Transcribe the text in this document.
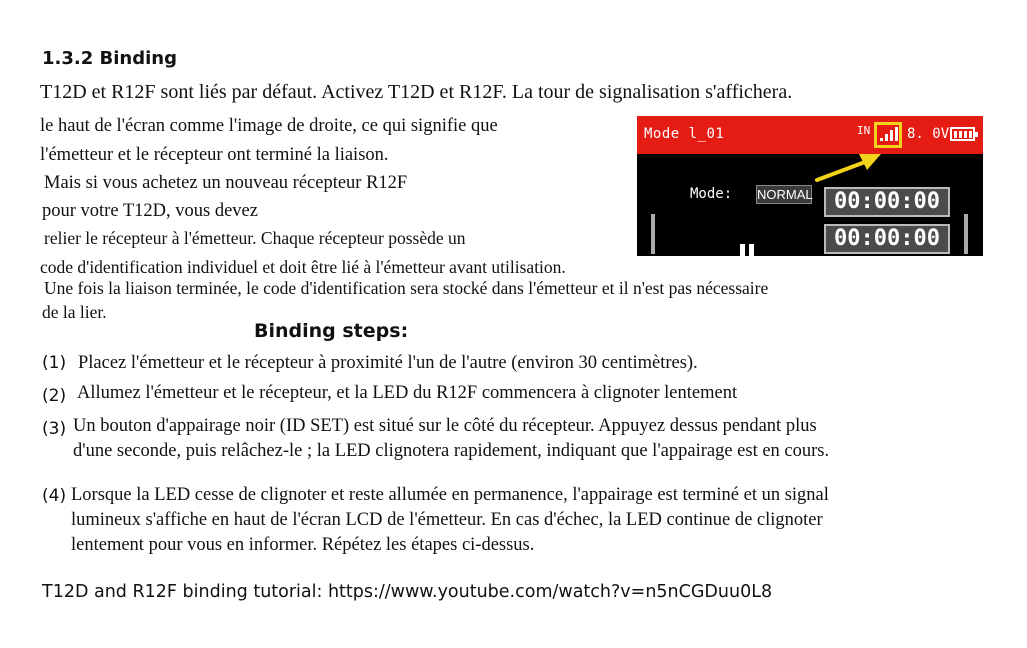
1.3.2 Binding
T12D et R12F sont liés par défaut. Activez T12D et R12F. La tour de signalisation s'affichera.
le haut de l'écran comme l'image de droite, ce qui signifie que
l'émetteur et le récepteur ont terminé la liaison.
Mais si vous achetez un nouveau récepteur R12F
pour votre T12D, vous devez
relier le récepteur à l'émetteur. Chaque récepteur possède un
code d'identification individuel et doit être lié à l'émetteur avant utilisation.
Une fois la liaison terminée, le code d'identification sera stocké dans l'émetteur et il n'est pas nécessaire
de la lier.
Binding steps:
(1) Placez l'émetteur et le récepteur à proximité l'un de l'autre (environ 30 centimètres).
(2) Allumez l'émetteur et le récepteur, et la LED du R12F commencera à clignoter lentement
(3) Un bouton d'appairage noir (ID SET) est situé sur le côté du récepteur. Appuyez dessus pendant plus
d'une seconde, puis relâchez-le ; la LED clignotera rapidement, indiquant que l'appairage est en cours.
(4) Lorsque la LED cesse de clignoter et reste allumée en permanence, l'appairage est terminé et un signal
lumineux s'affiche en haut de l'écran LCD de l'émetteur. En cas d'échec, la LED continue de clignoter
lentement pour vous en informer. Répétez les étapes ci-dessus.
T12D and R12F binding tutorial: https://www.youtube.com/watch?v=n5nCGDuu0L8
Mode l_01	IN	8. 0V
Mode: NORMAL 00:00:00
00:00:00
